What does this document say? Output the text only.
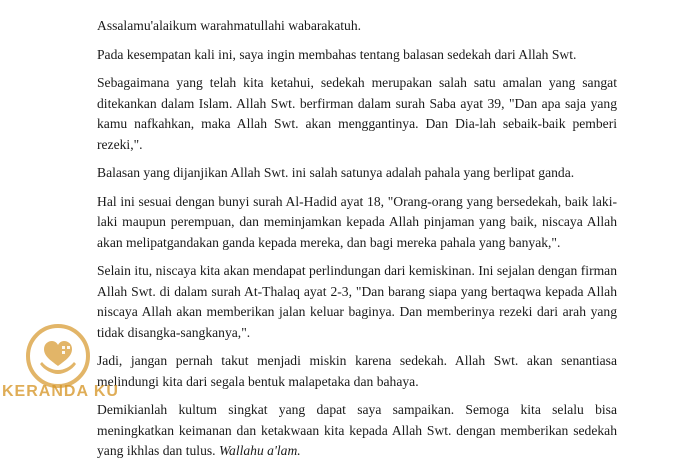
Assalamu'alaikum warahmatullahi wabarakatuh.

Pada kesempatan kali ini, saya ingin membahas tentang balasan sedekah dari Allah Swt.

Sebagaimana yang telah kita ketahui, sedekah merupakan salah satu amalan yang sangat ditekankan dalam Islam. Allah Swt. berfirman dalam surah Saba ayat 39, "Dan apa saja yang kamu nafkahkan, maka Allah Swt. akan menggantinya. Dan Dia-lah sebaik-baik pemberi rezeki,".

Balasan yang dijanjikan Allah Swt. ini salah satunya adalah pahala yang berlipat ganda.

Hal ini sesuai dengan bunyi surah Al-Hadid ayat 18, "Orang-orang yang bersedekah, baik laki-laki maupun perempuan, dan meminjamkan kepada Allah pinjaman yang baik, niscaya Allah akan melipatgandakan ganda kepada mereka, dan bagi mereka pahala yang banyak,".

Selain itu, niscaya kita akan mendapat perlindungan dari kemiskinan. Ini sejalan dengan firman Allah Swt. di dalam surah At-Thalaq ayat 2-3, "Dan barang siapa yang bertaqwa kepada Allah niscaya Allah akan memberikan jalan keluar baginya. Dan memberinya rezeki dari arah yang tidak disangka-sangkanya,".

Jadi, jangan pernah takut menjadi miskin karena sedekah. Allah Swt. akan senantiasa melindungi kita dari segala bentuk malapetaka dan bahaya.

Demikianlah kultum singkat yang dapat saya sampaikan. Semoga kita selalu bisa meningkatkan keimanan dan ketakwaan kita kepada Allah Swt. dengan memberikan sedekah yang ikhlas dan tulus. Wallahu a'lam.

KERANDA KU
